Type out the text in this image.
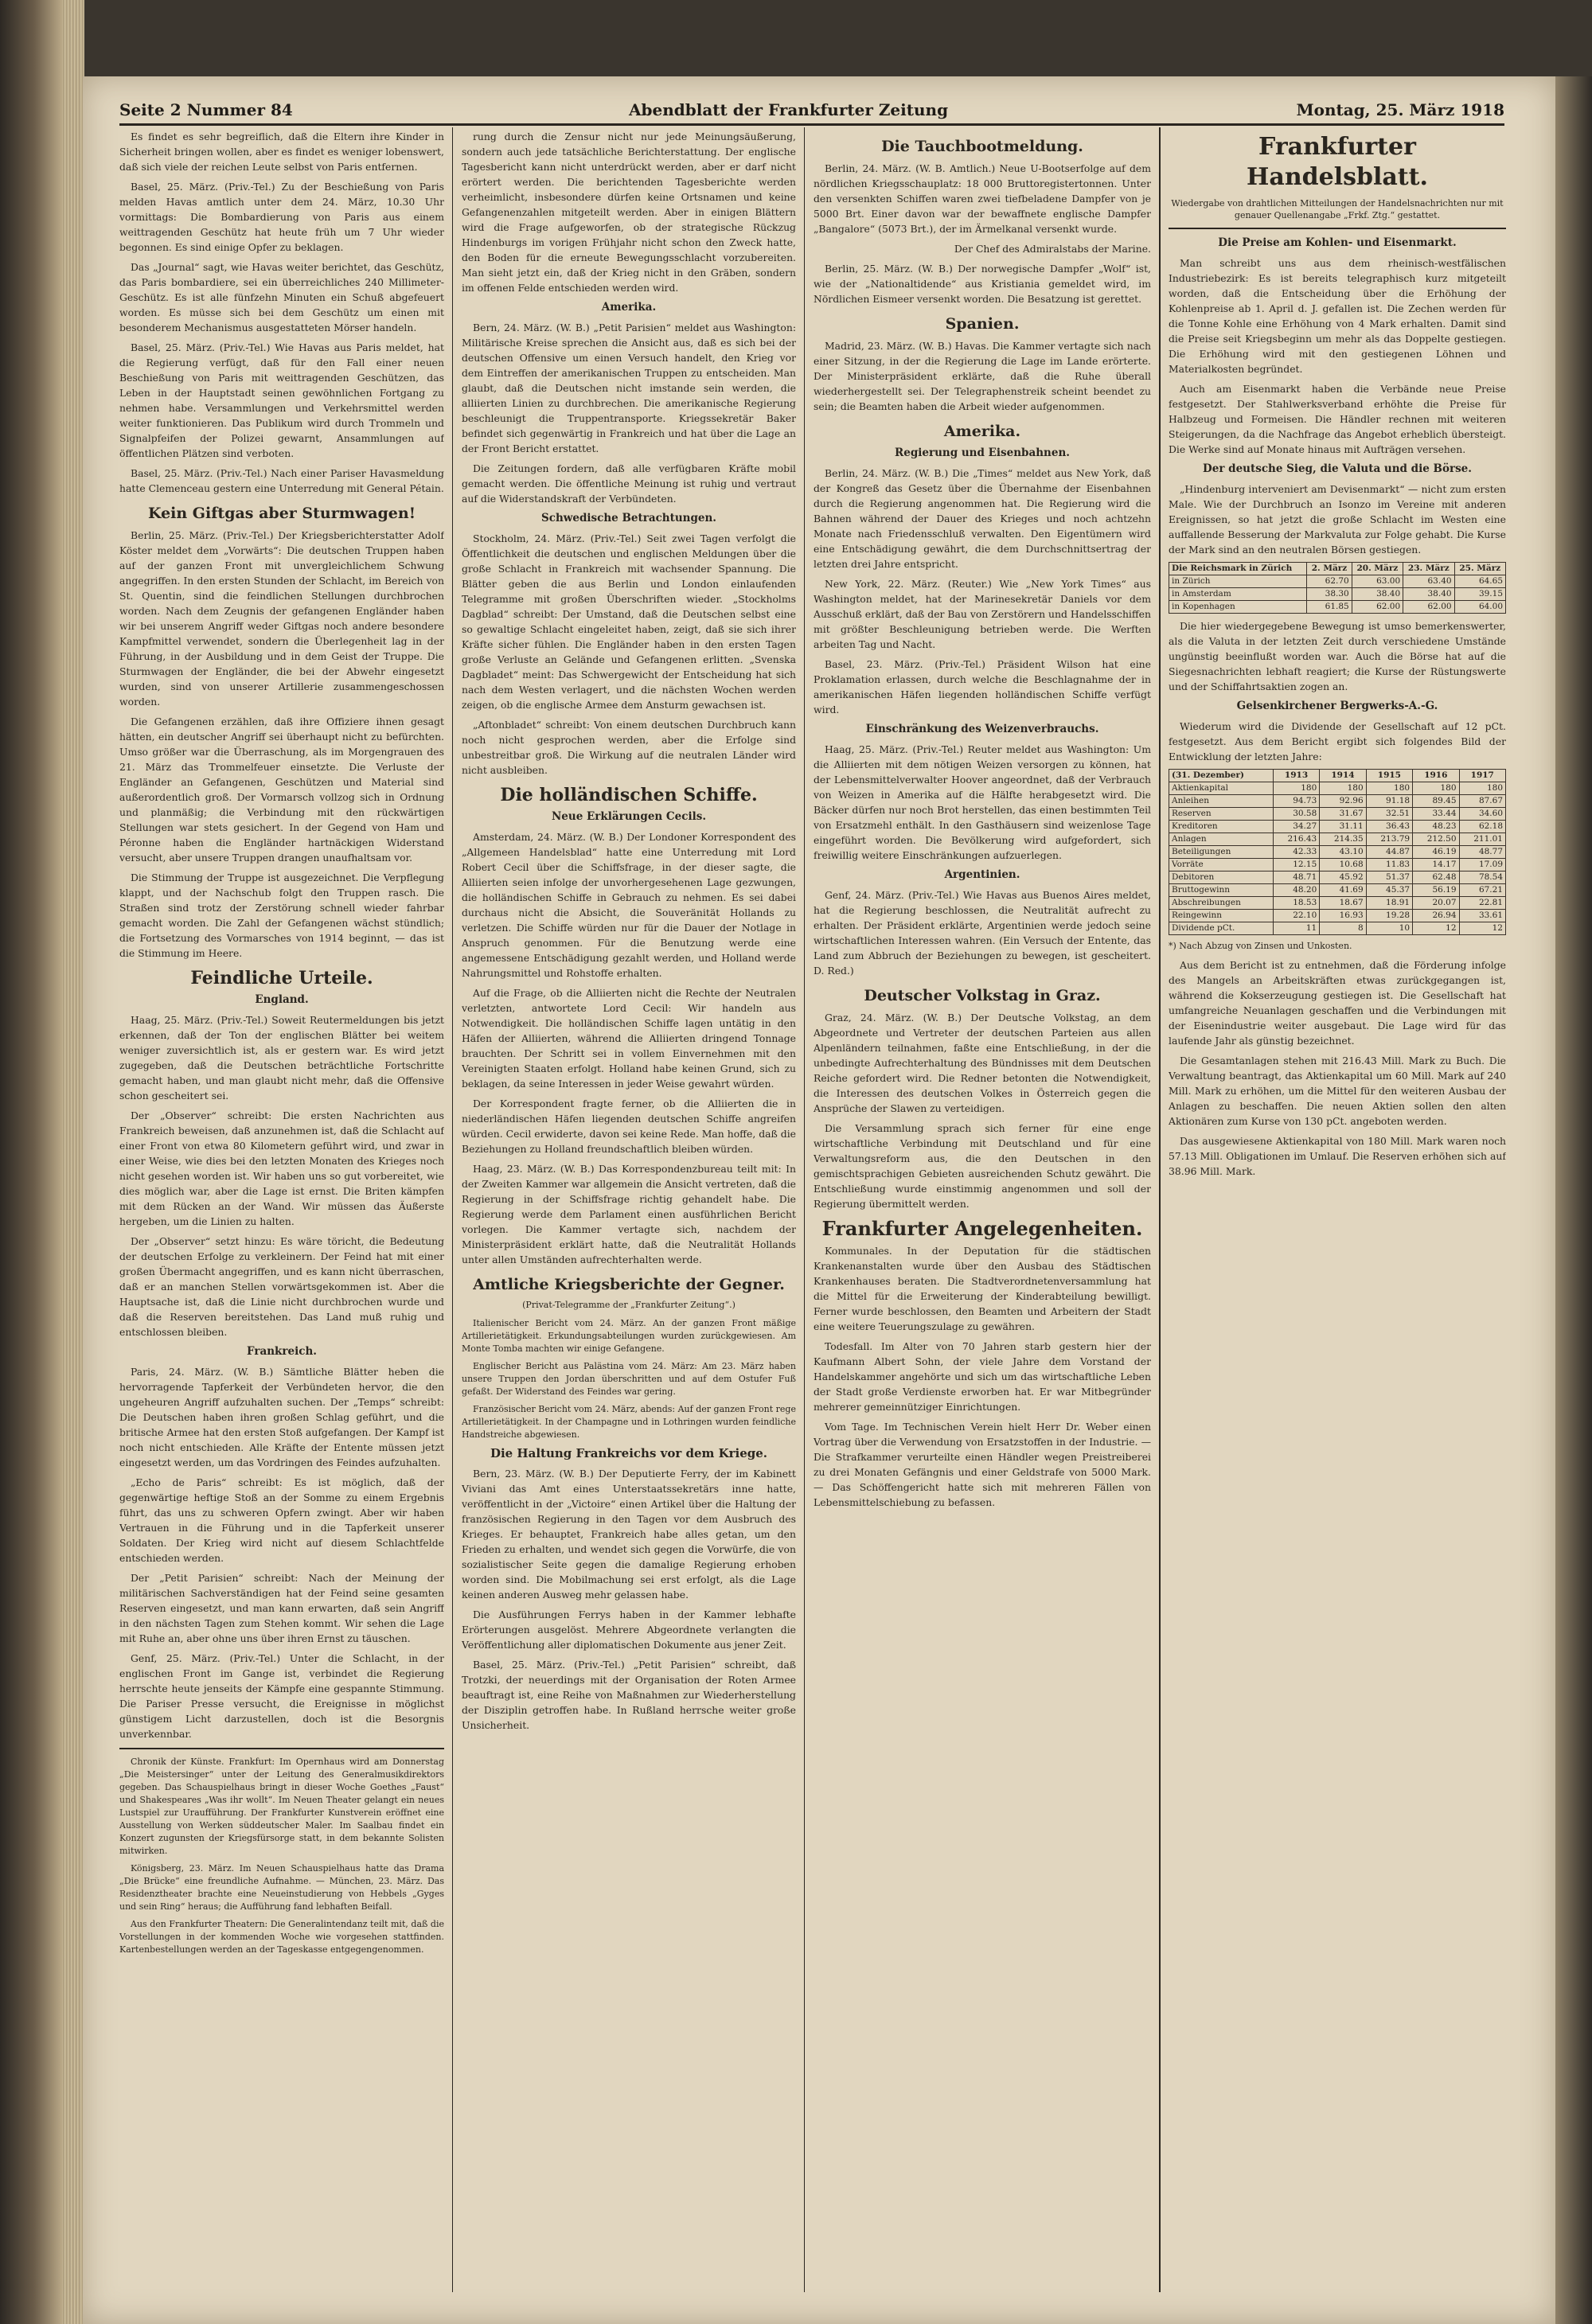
Seite 2 Nummer 84	Abendblatt der Frankfurter Zeitung	Montag, 25. März 1918

Es findet es sehr begreiflich, daß die Eltern ihre Kinder in Sicherheit bringen wollen, aber es findet es weniger lobenswert, daß sich viele der reichen Leute selbst von Paris entfernen.

Basel, 25. März. (Priv.-Tel.) Zu der Beschießung von Paris melden Havas amtlich unter dem 24. März, 10.30 Uhr vormittags: Die Bombardierung von Paris aus einem weittragenden Geschütz hat heute früh um 7 Uhr wieder begonnen. Es sind einige Opfer zu beklagen.

Das „Journal“ sagt, wie Havas weiter berichtet, das Geschütz, das Paris bombardiere, sei ein überreichliches 240 Millimeter-Geschütz. Es ist alle fünfzehn Minuten ein Schuß abgefeuert worden. Es müsse sich bei dem Geschütz um einen mit besonderem Mechanismus ausgestatteten Mörser handeln.

Basel, 25. März. (Priv.-Tel.) Wie Havas aus Paris meldet, hat die Regierung verfügt, daß für den Fall einer neuen Beschießung von Paris mit weittragenden Geschützen, das Leben in der Hauptstadt seinen gewöhnlichen Fortgang zu nehmen habe. Versammlungen und Verkehrsmittel werden weiter funktionieren. Das Publikum wird durch Trommeln und Signalpfeifen der Polizei gewarnt, Ansammlungen auf öffentlichen Plätzen sind verboten.

Basel, 25. März. (Priv.-Tel.) Nach einer Pariser Havasmeldung hatte Clemenceau gestern eine Unterredung mit General Pétain.

Kein Giftgas aber Sturmwagen!

Berlin, 25. März. (Priv.-Tel.) Der Kriegsberichterstatter Adolf Köster meldet dem „Vorwärts“: Die deutschen Truppen haben auf der ganzen Front mit unvergleichlichem Schwung angegriffen. In den ersten Stunden der Schlacht, im Bereich von St. Quentin, sind die feindlichen Stellungen durchbrochen worden. Nach dem Zeugnis der gefangenen Engländer haben wir bei unserem Angriff weder Giftgas noch andere besondere Kampfmittel verwendet, sondern die Überlegenheit lag in der Führung, in der Ausbildung und in dem Geist der Truppe. Die Sturmwagen der Engländer, die bei der Abwehr eingesetzt wurden, sind von unserer Artillerie zusammengeschossen worden.

Die Gefangenen erzählen, daß ihre Offiziere ihnen gesagt hätten, ein deutscher Angriff sei überhaupt nicht zu befürchten. Umso größer war die Überraschung, als im Morgengrauen des 21. März das Trommelfeuer einsetzte. Die Verluste der Engländer an Gefangenen, Geschützen und Material sind außerordentlich groß. Der Vormarsch vollzog sich in Ordnung und planmäßig; die Verbindung mit den rückwärtigen Stellungen war stets gesichert. In der Gegend von Ham und Péronne haben die Engländer hartnäckigen Widerstand versucht, aber unsere Truppen drangen unaufhaltsam vor.

Die Stimmung der Truppe ist ausgezeichnet. Die Verpflegung klappt, und der Nachschub folgt den Truppen rasch. Die Straßen sind trotz der Zerstörung schnell wieder fahrbar gemacht worden. Die Zahl der Gefangenen wächst stündlich; die Fortsetzung des Vormarsches von 1914 beginnt, — das ist die Stimmung im Heere.

Feindliche Urteile.
England.

Haag, 25. März. (Priv.-Tel.) Soweit Reutermeldungen bis jetzt erkennen, daß der Ton der englischen Blätter bei weitem weniger zuversichtlich ist, als er gestern war. Es wird jetzt zugegeben, daß die Deutschen beträchtliche Fortschritte gemacht haben, und man glaubt nicht mehr, daß die Offensive schon gescheitert sei.

Der „Observer“ schreibt: Die ersten Nachrichten aus Frankreich beweisen, daß anzunehmen ist, daß die Schlacht auf einer Front von etwa 80 Kilometern geführt wird, und zwar in einer Weise, wie dies bei den letzten Monaten des Krieges noch nicht gesehen worden ist. Wir haben uns so gut vorbereitet, wie dies möglich war, aber die Lage ist ernst. Die Briten kämpfen mit dem Rücken an der Wand. Wir müssen das Äußerste hergeben, um die Linien zu halten.

Der „Observer“ setzt hinzu: Es wäre töricht, die Bedeutung der deutschen Erfolge zu verkleinern. Der Feind hat mit einer großen Übermacht angegriffen, und es kann nicht überraschen, daß er an manchen Stellen vorwärtsgekommen ist. Aber die Hauptsache ist, daß die Linie nicht durchbrochen wurde und daß die Reserven bereitstehen. Das Land muß ruhig und entschlossen bleiben.

Frankreich.

Paris, 24. März. (W. B.) Sämtliche Blätter heben die hervorragende Tapferkeit der Verbündeten hervor, die den ungeheuren Angriff aufzuhalten suchen. Der „Temps“ schreibt: Die Deutschen haben ihren großen Schlag geführt, und die britische Armee hat den ersten Stoß aufgefangen. Der Kampf ist noch nicht entschieden. Alle Kräfte der Entente müssen jetzt eingesetzt werden, um das Vordringen des Feindes aufzuhalten.

„Echo de Paris“ schreibt: Es ist möglich, daß der gegenwärtige heftige Stoß an der Somme zu einem Ergebnis führt, das uns zu schweren Opfern zwingt. Aber wir haben Vertrauen in die Führung und in die Tapferkeit unserer Soldaten. Der Krieg wird nicht auf diesem Schlachtfelde entschieden werden.

Der „Petit Parisien“ schreibt: Nach der Meinung der militärischen Sachverständigen hat der Feind seine gesamten Reserven eingesetzt, und man kann erwarten, daß sein Angriff in den nächsten Tagen zum Stehen kommt. Wir sehen die Lage mit Ruhe an, aber ohne uns über ihren Ernst zu täuschen.

Genf, 25. März. (Priv.-Tel.) Unter die Schlacht, in der englischen Front im Gange ist, verbindet die Regierung herrschte heute jenseits der Kämpfe eine gespannte Stimmung. Die Pariser Presse versucht, die Ereignisse in möglichst günstigem Licht darzustellen, doch ist die Besorgnis unverkennbar.

Chronik der Künste. Frankfurt: Im Opernhaus wird am Donnerstag „Die Meistersinger“ unter der Leitung des Generalmusikdirektors gegeben. Das Schauspielhaus bringt in dieser Woche Goethes „Faust“ und Shakespeares „Was ihr wollt“. Im Neuen Theater gelangt ein neues Lustspiel zur Uraufführung. Der Frankfurter Kunstverein eröffnet eine Ausstellung von Werken süddeutscher Maler. Im Saalbau findet ein Konzert zugunsten der Kriegsfürsorge statt, in dem bekannte Solisten mitwirken.

Königsberg, 23. März. Im Neuen Schauspielhaus hatte das Drama „Die Brücke“ eine freundliche Aufnahme. — München, 23. März. Das Residenztheater brachte eine Neueinstudierung von Hebbels „Gyges und sein Ring“ heraus; die Aufführung fand lebhaften Beifall.

Aus den Frankfurter Theatern: Die Generalintendanz teilt mit, daß die Vorstellungen in der kommenden Woche wie vorgesehen stattfinden. Kartenbestellungen werden an der Tageskasse entgegengenommen.

rung durch die Zensur nicht nur jede Meinungsäußerung, sondern auch jede tatsächliche Berichterstattung. Der englische Tagesbericht kann nicht unterdrückt werden, aber er darf nicht erörtert werden. Die berichtenden Tagesberichte werden verheimlicht, insbesondere dürfen keine Ortsnamen und keine Gefangenenzahlen mitgeteilt werden. Aber in einigen Blättern wird die Frage aufgeworfen, ob der strategische Rückzug Hindenburgs im vorigen Frühjahr nicht schon den Zweck hatte, den Boden für die erneute Bewegungsschlacht vorzubereiten. Man sieht jetzt ein, daß der Krieg nicht in den Gräben, sondern im offenen Felde entschieden werden wird.

Amerika.

Bern, 24. März. (W. B.) „Petit Parisien“ meldet aus Washington: Militärische Kreise sprechen die Ansicht aus, daß es sich bei der deutschen Offensive um einen Versuch handelt, den Krieg vor dem Eintreffen der amerikanischen Truppen zu entscheiden. Man glaubt, daß die Deutschen nicht imstande sein werden, die alliierten Linien zu durchbrechen. Die amerikanische Regierung beschleunigt die Truppentransporte. Kriegssekretär Baker befindet sich gegenwärtig in Frankreich und hat über die Lage an der Front Bericht erstattet.

Die Zeitungen fordern, daß alle verfügbaren Kräfte mobil gemacht werden. Die öffentliche Meinung ist ruhig und vertraut auf die Widerstandskraft der Verbündeten.

Schwedische Betrachtungen.

Stockholm, 24. März. (Priv.-Tel.) Seit zwei Tagen verfolgt die Öffentlichkeit die deutschen und englischen Meldungen über die große Schlacht in Frankreich mit wachsender Spannung. Die Blätter geben die aus Berlin und London einlaufenden Telegramme mit großen Überschriften wieder. „Stockholms Dagblad“ schreibt: Der Umstand, daß die Deutschen selbst eine so gewaltige Schlacht eingeleitet haben, zeigt, daß sie sich ihrer Kräfte sicher fühlen. Die Engländer haben in den ersten Tagen große Verluste an Gelände und Gefangenen erlitten. „Svenska Dagbladet“ meint: Das Schwergewicht der Entscheidung hat sich nach dem Westen verlagert, und die nächsten Wochen werden zeigen, ob die englische Armee dem Ansturm gewachsen ist.

„Aftonbladet“ schreibt: Von einem deutschen Durchbruch kann noch nicht gesprochen werden, aber die Erfolge sind unbestreitbar groß. Die Wirkung auf die neutralen Länder wird nicht ausbleiben.

Die holländischen Schiffe.
Neue Erklärungen Cecils.

Amsterdam, 24. März. (W. B.) Der Londoner Korrespondent des „Allgemeen Handelsblad“ hatte eine Unterredung mit Lord Robert Cecil über die Schiffsfrage, in der dieser sagte, die Alliierten seien infolge der unvorhergesehenen Lage gezwungen, die holländischen Schiffe in Gebrauch zu nehmen. Es sei dabei durchaus nicht die Absicht, die Souveränität Hollands zu verletzen. Die Schiffe würden nur für die Dauer der Notlage in Anspruch genommen. Für die Benutzung werde eine angemessene Entschädigung gezahlt werden, und Holland werde Nahrungsmittel und Rohstoffe erhalten.

Auf die Frage, ob die Alliierten nicht die Rechte der Neutralen verletzten, antwortete Lord Cecil: Wir handeln aus Notwendigkeit. Die holländischen Schiffe lagen untätig in den Häfen der Alliierten, während die Alliierten dringend Tonnage brauchten. Der Schritt sei in vollem Einvernehmen mit den Vereinigten Staaten erfolgt. Holland habe keinen Grund, sich zu beklagen, da seine Interessen in jeder Weise gewahrt würden.

Der Korrespondent fragte ferner, ob die Alliierten die in niederländischen Häfen liegenden deutschen Schiffe angreifen würden. Cecil erwiderte, davon sei keine Rede. Man hoffe, daß die Beziehungen zu Holland freundschaftlich bleiben würden.

Haag, 23. März. (W. B.) Das Korrespondenzbureau teilt mit: In der Zweiten Kammer war allgemein die Ansicht vertreten, daß die Regierung in der Schiffsfrage richtig gehandelt habe. Die Regierung werde dem Parlament einen ausführlichen Bericht vorlegen. Die Kammer vertagte sich, nachdem der Ministerpräsident erklärt hatte, daß die Neutralität Hollands unter allen Umständen aufrechterhalten werde.

Amtliche Kriegsberichte der Gegner.
(Privat-Telegramme der „Frankfurter Zeitung“.)

Italienischer Bericht vom 24. März. An der ganzen Front mäßige Artillerietätigkeit. Erkundungsabteilungen wurden zurückgewiesen. Am Monte Tomba machten wir einige Gefangene.

Englischer Bericht aus Palästina vom 24. März: Am 23. März haben unsere Truppen den Jordan überschritten und auf dem Ostufer Fuß gefaßt. Der Widerstand des Feindes war gering.

Französischer Bericht vom 24. März, abends: Auf der ganzen Front rege Artillerietätigkeit. In der Champagne und in Lothringen wurden feindliche Handstreiche abgewiesen.

Die Haltung Frankreichs vor dem Kriege.

Bern, 23. März. (W. B.) Der Deputierte Ferry, der im Kabinett Viviani das Amt eines Unterstaatssekretärs inne hatte, veröffentlicht in der „Victoire“ einen Artikel über die Haltung der französischen Regierung in den Tagen vor dem Ausbruch des Krieges. Er behauptet, Frankreich habe alles getan, um den Frieden zu erhalten, und wendet sich gegen die Vorwürfe, die von sozialistischer Seite gegen die damalige Regierung erhoben worden sind. Die Mobilmachung sei erst erfolgt, als die Lage keinen anderen Ausweg mehr gelassen habe.

Die Ausführungen Ferrys haben in der Kammer lebhafte Erörterungen ausgelöst. Mehrere Abgeordnete verlangten die Veröffentlichung aller diplomatischen Dokumente aus jener Zeit.

Basel, 25. März. (Priv.-Tel.) „Petit Parisien“ schreibt, daß Trotzki, der neuerdings mit der Organisation der Roten Armee beauftragt ist, eine Reihe von Maßnahmen zur Wiederherstellung der Disziplin getroffen habe. In Rußland herrsche weiter große Unsicherheit.

Die Tauchbootmeldung.

Berlin, 24. März. (W. B. Amtlich.) Neue U-Bootserfolge auf dem nördlichen Kriegsschauplatz: 18 000 Bruttoregistertonnen. Unter den versenkten Schiffen waren zwei tiefbeladene Dampfer von je 5000 Brt. Einer davon war der bewaffnete englische Dampfer „Bangalore“ (5073 Brt.), der im Ärmelkanal versenkt wurde.

Der Chef des Admiralstabs der Marine.

Berlin, 25. März. (W. B.) Der norwegische Dampfer „Wolf“ ist, wie der „Nationaltidende“ aus Kristiania gemeldet wird, im Nördlichen Eismeer versenkt worden. Die Besatzung ist gerettet.

Spanien.

Madrid, 23. März. (W. B.) Havas. Die Kammer vertagte sich nach einer Sitzung, in der die Regierung die Lage im Lande erörterte. Der Ministerpräsident erklärte, daß die Ruhe überall wiederhergestellt sei. Der Telegraphenstreik scheint beendet zu sein; die Beamten haben die Arbeit wieder aufgenommen.

Amerika.
Regierung und Eisenbahnen.

Berlin, 24. März. (W. B.) Die „Times“ meldet aus New York, daß der Kongreß das Gesetz über die Übernahme der Eisenbahnen durch die Regierung angenommen hat. Die Regierung wird die Bahnen während der Dauer des Krieges und noch achtzehn Monate nach Friedensschluß verwalten. Den Eigentümern wird eine Entschädigung gewährt, die dem Durchschnittsertrag der letzten drei Jahre entspricht.

New York, 22. März. (Reuter.) Wie „New York Times“ aus Washington meldet, hat der Marinesekretär Daniels vor dem Ausschuß erklärt, daß der Bau von Zerstörern und Handelsschiffen mit größter Beschleunigung betrieben werde. Die Werften arbeiten Tag und Nacht.

Basel, 23. März. (Priv.-Tel.) Präsident Wilson hat eine Proklamation erlassen, durch welche die Beschlagnahme der in amerikanischen Häfen liegenden holländischen Schiffe verfügt wird.

Einschränkung des Weizenverbrauchs.

Haag, 25. März. (Priv.-Tel.) Reuter meldet aus Washington: Um die Alliierten mit dem nötigen Weizen versorgen zu können, hat der Lebensmittelverwalter Hoover angeordnet, daß der Verbrauch von Weizen in Amerika auf die Hälfte herabgesetzt wird. Die Bäcker dürfen nur noch Brot herstellen, das einen bestimmten Teil von Ersatzmehl enthält. In den Gasthäusern sind weizenlose Tage eingeführt worden. Die Bevölkerung wird aufgefordert, sich freiwillig weitere Einschränkungen aufzuerlegen.

Argentinien.

Genf, 24. März. (Priv.-Tel.) Wie Havas aus Buenos Aires meldet, hat die Regierung beschlossen, die Neutralität aufrecht zu erhalten. Der Präsident erklärte, Argentinien werde jedoch seine wirtschaftlichen Interessen wahren. (Ein Versuch der Entente, das Land zum Abbruch der Beziehungen zu bewegen, ist gescheitert. D. Red.)

Deutscher Volkstag in Graz.

Graz, 24. März. (W. B.) Der Deutsche Volkstag, an dem Abgeordnete und Vertreter der deutschen Parteien aus allen Alpenländern teilnahmen, faßte eine Entschließung, in der die unbedingte Aufrechterhaltung des Bündnisses mit dem Deutschen Reiche gefordert wird. Die Redner betonten die Notwendigkeit, die Interessen des deutschen Volkes in Österreich gegen die Ansprüche der Slawen zu verteidigen.

Die Versammlung sprach sich ferner für eine enge wirtschaftliche Verbindung mit Deutschland und für eine Verwaltungsreform aus, die den Deutschen in den gemischtsprachigen Gebieten ausreichenden Schutz gewährt. Die Entschließung wurde einstimmig angenommen und soll der Regierung übermittelt werden.

Frankfurter Angelegenheiten.

Kommunales. In der Deputation für die städtischen Krankenanstalten wurde über den Ausbau des Städtischen Krankenhauses beraten. Die Stadtverordnetenversammlung hat die Mittel für die Erweiterung der Kinderabteilung bewilligt. Ferner wurde beschlossen, den Beamten und Arbeitern der Stadt eine weitere Teuerungszulage zu gewähren.

Todesfall. Im Alter von 70 Jahren starb gestern hier der Kaufmann Albert Sohn, der viele Jahre dem Vorstand der Handelskammer angehörte und sich um das wirtschaftliche Leben der Stadt große Verdienste erworben hat. Er war Mitbegründer mehrerer gemeinnütziger Einrichtungen.

Vom Tage. Im Technischen Verein hielt Herr Dr. Weber einen Vortrag über die Verwendung von Ersatzstoffen in der Industrie. — Die Strafkammer verurteilte einen Händler wegen Preistreiberei zu drei Monaten Gefängnis und einer Geldstrafe von 5000 Mark. — Das Schöffengericht hatte sich mit mehreren Fällen von Lebensmittelschiebung zu befassen.

Frankfurter Handelsblatt.
Wiedergabe von drahtlichen Mitteilungen der Handelsnachrichten nur mit genauer Quellenangabe „Frkf. Ztg.“ gestattet.
Die Preise am Kohlen- und Eisenmarkt.

Man schreibt uns aus dem rheinisch-westfälischen Industriebezirk: Es ist bereits telegraphisch kurz mitgeteilt worden, daß die Entscheidung über die Erhöhung der Kohlenpreise ab 1. April d. J. gefallen ist. Die Zechen werden für die Tonne Kohle eine Erhöhung von 4 Mark erhalten. Damit sind die Preise seit Kriegsbeginn um mehr als das Doppelte gestiegen. Die Erhöhung wird mit den gestiegenen Löhnen und Materialkosten begründet.

Auch am Eisenmarkt haben die Verbände neue Preise festgesetzt. Der Stahlwerksverband erhöhte die Preise für Halbzeug und Formeisen. Die Händler rechnen mit weiteren Steigerungen, da die Nachfrage das Angebot erheblich übersteigt. Die Werke sind auf Monate hinaus mit Aufträgen versehen.

Der deutsche Sieg, die Valuta und die Börse.

„Hindenburg interveniert am Devisenmarkt“ — nicht zum ersten Male. Wie der Durchbruch an Isonzo im Vereine mit anderen Ereignissen, so hat jetzt die große Schlacht im Westen eine auffallende Besserung der Markvaluta zur Folge gehabt. Die Kurse der Mark sind an den neutralen Börsen gestiegen.

Die Reichsmark in Zürich	2. März	20. März	23. März	25. März
in Zürich	62.70	63.00	63.40	64.65
in Amsterdam	38.30	38.40	38.40	39.15
in Kopenhagen	61.85	62.00	62.00	64.00

Die hier wiedergegebene Bewegung ist umso bemerkenswerter, als die Valuta in der letzten Zeit durch verschiedene Umstände ungünstig beeinflußt worden war. Auch die Börse hat auf die Siegesnachrichten lebhaft reagiert; die Kurse der Rüstungswerte und der Schiffahrtsaktien zogen an.

Gelsenkirchener Bergwerks-A.-G.

Wiederum wird die Dividende der Gesellschaft auf 12 pCt. festgesetzt. Aus dem Bericht ergibt sich folgendes Bild der Entwicklung der letzten Jahre:

(31. Dezember)	1913	1914	1915	1916	1917
Aktienkapital	180	180	180	180	180
Anleihen	94.73	92.96	91.18	89.45	87.67
Reserven	30.58	31.67	32.51	33.44	34.60
Kreditoren	34.27	31.11	36.43	48.23	62.18
Anlagen	216.43	214.35	213.79	212.50	211.01
Beteiligungen	42.33	43.10	44.87	46.19	48.77
Vorräte	12.15	10.68	11.83	14.17	17.09
Debitoren	48.71	45.92	51.37	62.48	78.54
Bruttogewinn	48.20	41.69	45.37	56.19	67.21
Abschreibungen	18.53	18.67	18.91	20.07	22.81
Reingewinn	22.10	16.93	19.28	26.94	33.61
Dividende pCt.	11	8	10	12	12

*) Nach Abzug von Zinsen und Unkosten.

Aus dem Bericht ist zu entnehmen, daß die Förderung infolge des Mangels an Arbeitskräften etwas zurückgegangen ist, während die Kokserzeugung gestiegen ist. Die Gesellschaft hat umfangreiche Neuanlagen geschaffen und die Verbindungen mit der Eisenindustrie weiter ausgebaut. Die Lage wird für das laufende Jahr als günstig bezeichnet.

Die Gesamtanlagen stehen mit 216.43 Mill. Mark zu Buch. Die Verwaltung beantragt, das Aktienkapital um 60 Mill. Mark auf 240 Mill. Mark zu erhöhen, um die Mittel für den weiteren Ausbau der Anlagen zu beschaffen. Die neuen Aktien sollen den alten Aktionären zum Kurse von 130 pCt. angeboten werden.

Das ausgewiesene Aktienkapital von 180 Mill. Mark waren noch 57.13 Mill. Obligationen im Umlauf. Die Reserven erhöhen sich auf 38.96 Mill. Mark.
